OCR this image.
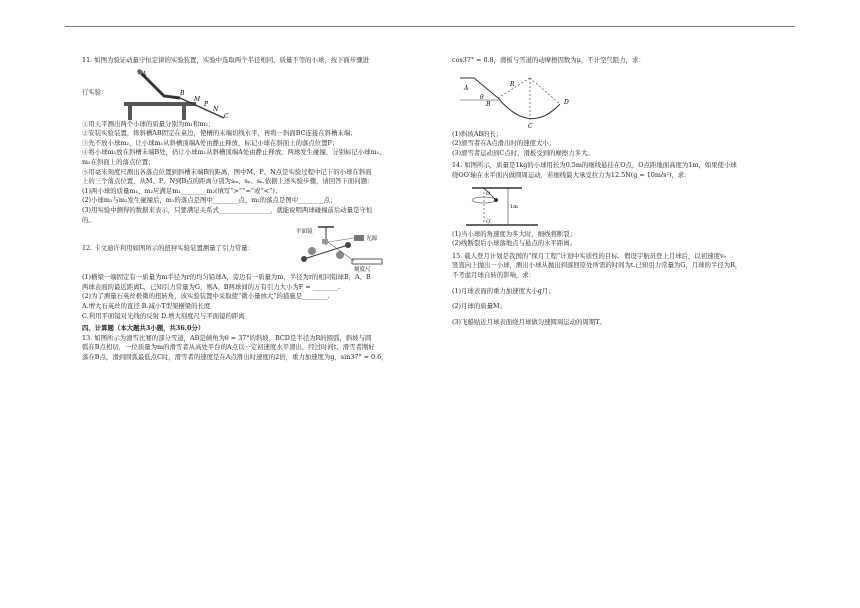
11. 如图为验证动量守恒定律的实验装置，实验中选取两个半径相同、质量不等的小球，按下面步骤进

行实验：

A
B
M
P
N
C

①用天平测出两个小球的质量分别为m₁和m₂；

②安装实验装置，将斜槽AB固定在桌边，使槽的末端切线水平，再将一斜面BC连接在斜槽末端；

③先不放小球m₂，让小球m₁从斜槽顶端A处由静止释放，标记小球在斜面上的落点位置P；

④将小球m₂放在斜槽末端B处，仍让小球m₁从斜槽顶端A处由静止释放，两球发生碰撞，分别标记小球m₁、

m₂在斜面上的落点位置；

⑤用毫米刻度尺测出各落点位置到斜槽末端B的距离，图中M、P、N点是实验过程中记下的小球在斜面

上的三个落点位置，从M、P、N到B点的距离分别为sₘ、sₚ、sₙ.依据上述实验步骤，请回答下面问题：

(1)两小球的质量m₁、m₂应满足m₁________m₂(填写“>”“=”或“<”)；

(2)小球m₁与m₂发生碰撞后，m₁的落点是图中________点，m₂的落点是图中________点；

(3)用实验中测得的数据来表示，只要满足关系式________________，就能说明两球碰撞前后动量是守恒

的。

12. 卡文迪许利用如图所示的扭秤实验装置测量了引力常量：

平面镜
光源
刻度尺

(1)横梁一端固定有一质量为m半径为r的均匀铅球A，旁边有一质量为m，半径为r的相同铅球B，A、B

两球表面的最近距离L，已知引力常量为G，则A、B两球间的万有引力大小为F = ________.

(2)为了测量石英丝极微的扭转角，该实验装置中采取使“微小量放大”的措施是________.

A.增大石英丝的直径 B.减小T型架横梁的长度

C.利用平面镜对光线的反射 D.增大刻度尺与平面镜的距离

四、计算题（本大题共3小题，共36.0分）

13. 如图所示为滑雪比赛的部分雪道，AB是倾角为θ = 37°的斜坡，BCD是半径为R的圆弧，斜坡与圆

弧在B点相切，一位质量为m的滑雪者从高处平台的A点以一定初速度水平滑出，经过时间t，滑雪者刚好

落在B点，滑到圆弧最低点C时，滑雪者的速度是在A点滑出时速度的2倍，重力加速度为g，sin37° = 0.6，

cos37° = 0.8，滑板与雪道的动摩擦因数为μ，不计空气阻力，求：

A
B
θ
C
D
R

(1)斜坡AB的长；

(2)滑雪者在A点滑出时的速度大小；

(3)滑雪者运动到C点时，滑板受到的摩擦力多大。

14. 如图所示，质量是1kg的小球用长为0.5m的细线悬挂在O点，O点距地面高度为1m，如果使小球

绕OO′轴在水平面内做圆周运动，若细线最大承受拉力为12.5N(g = 10m/s²)，求：

O
O′
1m

(1)当小球的角速度为多大时，细线将断裂；

(2)线断裂后小球落地点与悬点的水平距离。

15. 载人登月计划是我国的“探月工程”计划中实质性的目标．假设宇航员登上月球后，以初速度v₀

竖直向上抛出一小球，测出小球从抛出到落回原处所需的时间为t.已知引力常量为G，月球的半径为R，

不考虑月球自转的影响，求：

(1)月球表面的重力加速度大小g月；

(2)月球的质量M；

(3)飞船贴近月球表面绕月球做匀速圆周运动的周期T。
